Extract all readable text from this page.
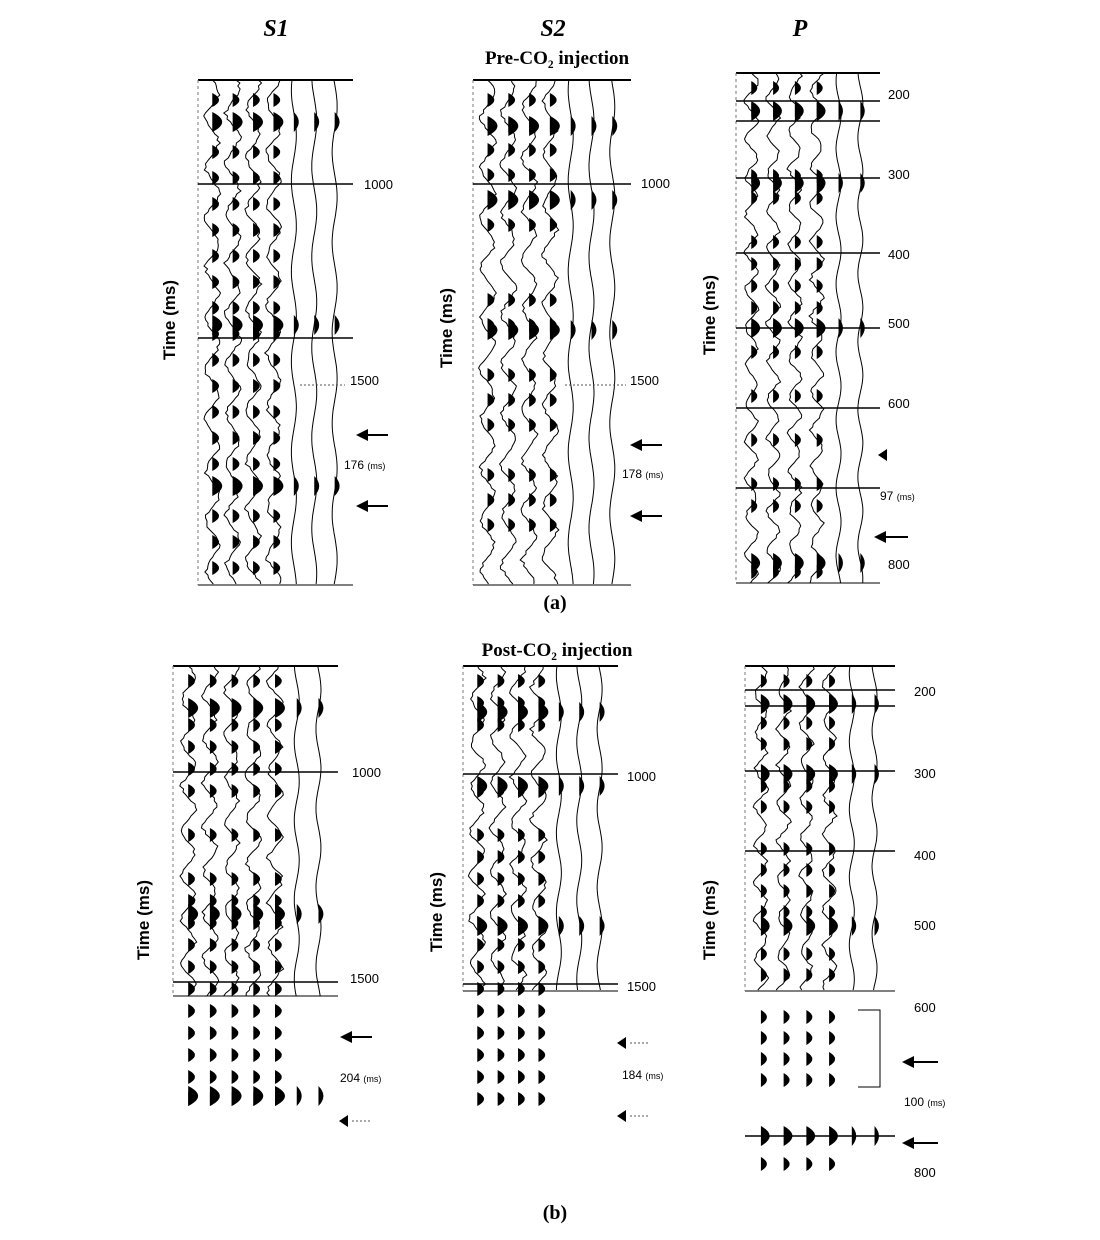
S1	S2	P
Pre-CO₂ injection
Post-CO₂ injection
Time (ms)	Time (ms)	Time (ms)
Time (ms)	Time (ms)	Time (ms)
1000
1500
1000
1500
200
300
400
500
600
800
1000
1500
1000
1500
200
300
400
500
600
800
176 (ms)
178 (ms)
97 (ms)
204 (ms)	184 (ms)
100 (ms)
(a)
(b)
